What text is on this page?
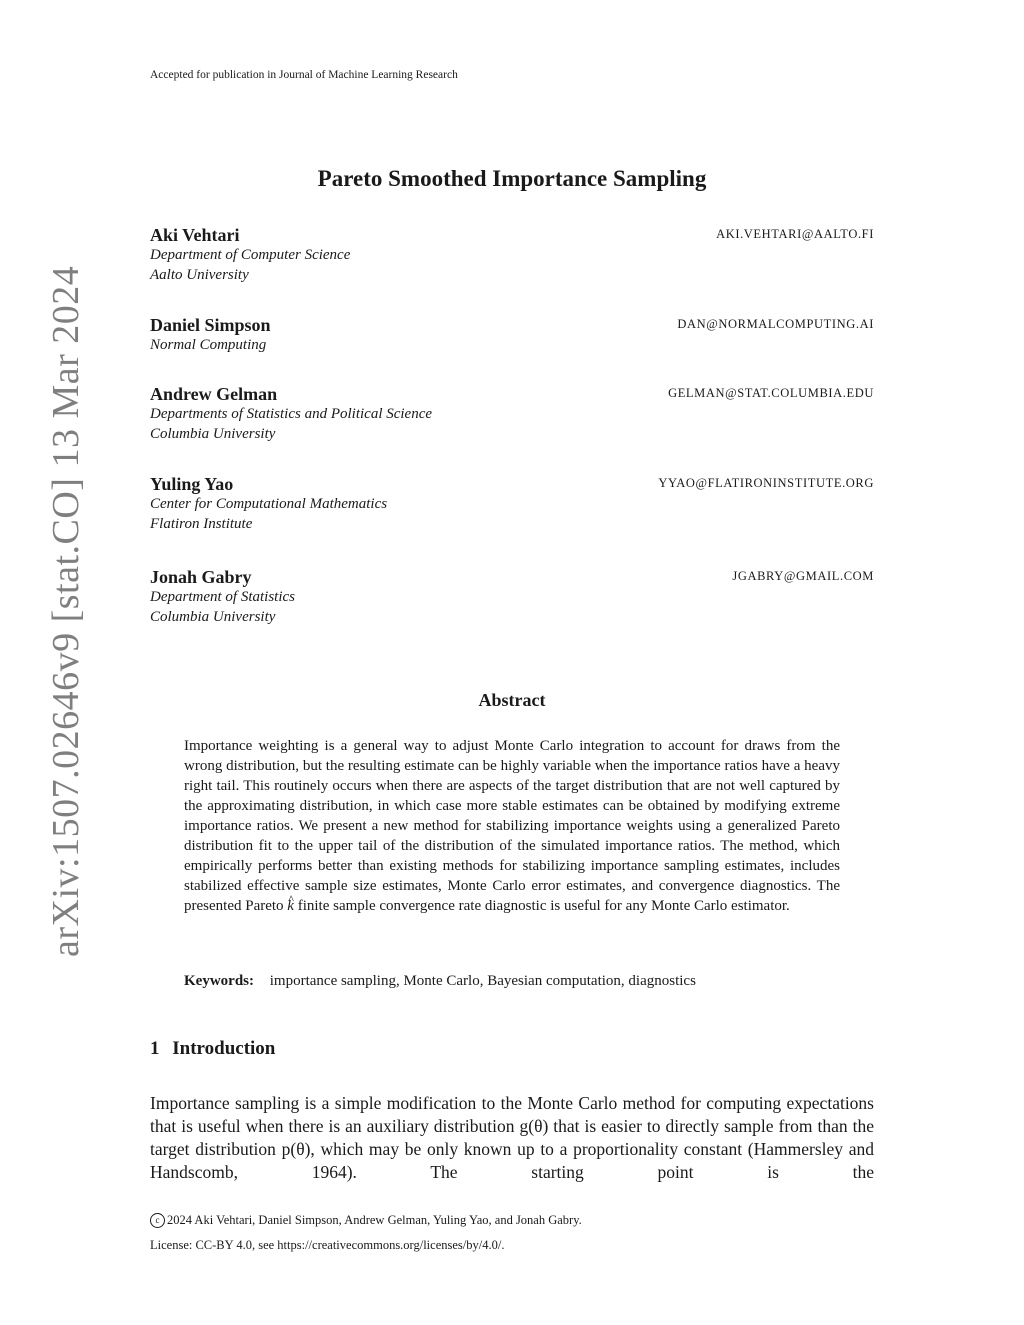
Accepted for publication in Journal of Machine Learning Research
arXiv:1507.02646v9 [stat.CO] 13 Mar 2024
Pareto Smoothed Importance Sampling
Aki Vehtari	AKI.VEHTARI@AALTO.FI
Department of Computer Science
Aalto University
Daniel Simpson	DAN@NORMALCOMPUTING.AI
Normal Computing
Andrew Gelman	GELMAN@STAT.COLUMBIA.EDU
Departments of Statistics and Political Science
Columbia University
Yuling Yao	YYAO@FLATIRONINSTITUTE.ORG
Center for Computational Mathematics
Flatiron Institute
Jonah Gabry	JGABRY@GMAIL.COM
Department of Statistics
Columbia University
Abstract
Importance weighting is a general way to adjust Monte Carlo integration to account for draws from the wrong distribution, but the resulting estimate can be highly variable when the importance ratios have a heavy right tail. This routinely occurs when there are aspects of the target distribution that are not well captured by the approximating distribution, in which case more stable estimates can be obtained by modifying extreme importance ratios. We present a new method for stabilizing importance weights using a generalized Pareto distribution fit to the upper tail of the distribution of the simulated importance ratios. The method, which empirically performs better than existing methods for stabilizing importance sampling estimates, includes stabilized effective sample size estimates, Monte Carlo error estimates, and convergence diagnostics. The presented Pareto ^ k finite sample convergence rate diagnostic is useful for any Monte Carlo estimator.
Keywords: importance sampling, Monte Carlo, Bayesian computation, diagnostics
1 Introduction
Importance sampling is a simple modification to the Monte Carlo method for computing expectations that is useful when there is an auxiliary distribution g(θ) that is easier to directly sample from than the target distribution p(θ), which may be only known up to a proportionality constant (Hammersley and Handscomb, 1964). The starting point is the
c 2024 Aki Vehtari, Daniel Simpson, Andrew Gelman, Yuling Yao, and Jonah Gabry.
License: CC-BY 4.0, see https://creativecommons.org/licenses/by/4.0/.
